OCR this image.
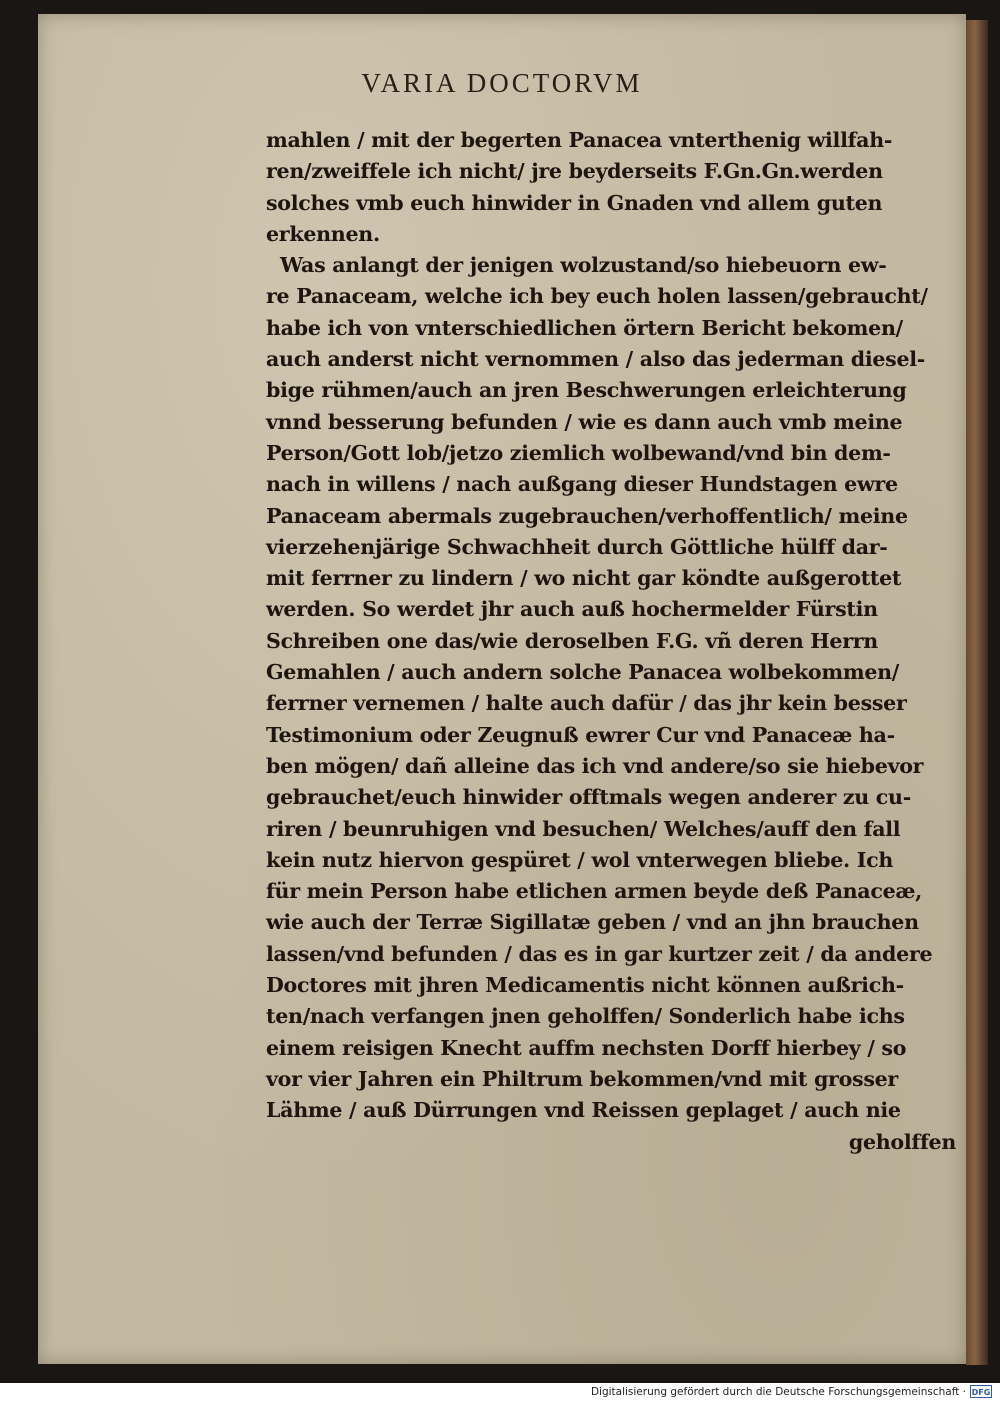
VARIA DOCTORVM
mahlen / mit der begerten Panacea vnterthenig willfah-
ren/zweiffele ich nicht/ jre beyderseits F.Gn.Gn.werden
solches vmb euch hinwider in Gnaden vnd allem guten
erkennen.
Was anlangt der jenigen wolzustand/so hiebeuorn ew-
re Panaceam, welche ich bey euch holen lassen/gebraucht/
habe ich von vnterschiedlichen örtern Bericht bekomen/
auch anderst nicht vernommen / also das jederman diesel-
bige rühmen/auch an jren Beschwerungen erleichterung
vnnd besserung befunden / wie es dann auch vmb meine
Person/Gott lob/jetzo ziemlich wolbewand/vnd bin dem-
nach in willens / nach außgang dieser Hundstagen ewre
Panaceam abermals zugebrauchen/verhoffentlich/ meine
vierzehenjärige Schwachheit durch Göttliche hülff dar-
mit ferrner zu lindern / wo nicht gar köndte außgerottet
werden. So werdet jhr auch auß hochermelder Fürstin
Schreiben one das/wie deroselben F.G. vñ deren Herrn
Gemahlen / auch andern solche Panacea wolbekommen/
ferrner vernemen / halte auch dafür / das jhr kein besser
Testimonium oder Zeugnuß ewrer Cur vnd Panaceæ ha-
ben mögen/ dañ alleine das ich vnd andere/so sie hiebevor
gebrauchet/euch hinwider offtmals wegen anderer zu cu-
riren / beunruhigen vnd besuchen/ Welches/auff den fall
kein nutz hiervon gespüret / wol vnterwegen bliebe. Ich
für mein Person habe etlichen armen beyde deß Panaceæ,
wie auch der Terræ Sigillatæ geben / vnd an jhn brauchen
lassen/vnd befunden / das es in gar kurtzer zeit / da andere
Doctores mit jhren Medicamentis nicht können außrich-
ten/nach verfangen jnen geholffen/ Sonderlich habe ichs
einem reisigen Knecht auffm nechsten Dorff hierbey / so
vor vier Jahren ein Philtrum bekommen/vnd mit grosser
Lähme / auß Dürrungen vnd Reissen geplaget / auch nie
geholffen
Digitalisierung gefördert durch die Deutsche Forschungsgemeinschaft · DFG
